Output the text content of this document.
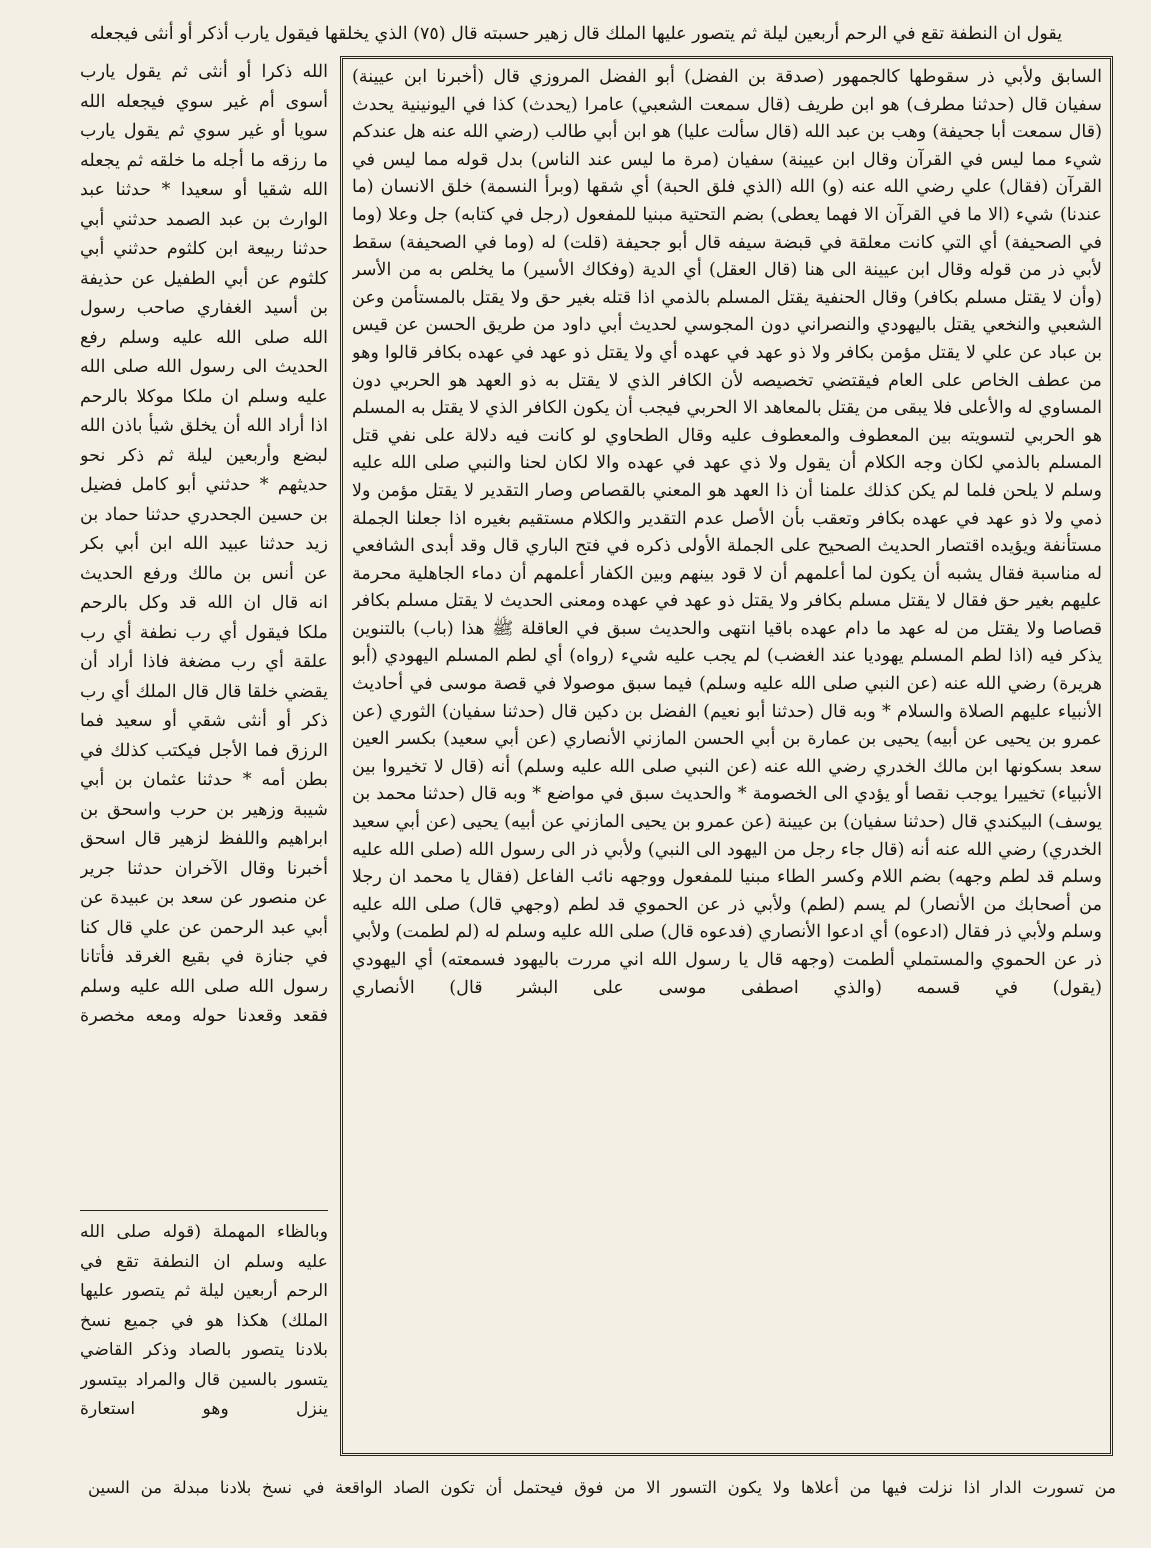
يقول ان النطفة تقع في الرحم أربعين ليلة ثم يتصور عليها الملك قال زهير حسبته قال (٧٥) الذي يخلقها فيقول يارب أذكر أو أنثى فيجعله

السابق ولأبي ذر سقوطها كالجمهور (صدقة بن الفضل) أبو الفضل المروزي قال (أخبرنا ابن عيينة) سفيان قال (حدثنا مطرف) هو ابن طريف (قال سمعت الشعبي) عامرا (يحدث) كذا في اليونينية يحدث (قال سمعت أبا جحيفة) وهب بن عبد الله (قال سألت عليا) هو ابن أبي طالب (رضي الله عنه هل عندكم شيء مما ليس في القرآن وقال ابن عيينة) سفيان (مرة ما ليس عند الناس) بدل قوله مما ليس في القرآن (فقال) علي رضي الله عنه (و) الله (الذي فلق الحبة) أي شقها (وبرأ النسمة) خلق الانسان (ما عندنا) شيء (الا ما في القرآن الا فهما يعطى) بضم التحتية مبنيا للمفعول (رجل في كتابه) جل وعلا (وما في الصحيفة) أي التي كانت معلقة في قبضة سيفه قال أبو جحيفة (قلت) له (وما في الصحيفة) سقط لأبي ذر من قوله وقال ابن عيينة الى هنا (قال العقل) أي الدية (وفكاك الأسير) ما يخلص به من الأسر (وأن لا يقتل مسلم بكافر) وقال الحنفية يقتل المسلم بالذمي اذا قتله بغير حق ولا يقتل بالمستأمن وعن الشعبي والنخعي يقتل باليهودي والنصراني دون المجوسي لحديث أبي داود من طريق الحسن عن قيس بن عباد عن علي لا يقتل مؤمن بكافر ولا ذو عهد في عهده أي ولا يقتل ذو عهد في عهده بكافر قالوا وهو من عطف الخاص على العام فيقتضي تخصيصه لأن الكافر الذي لا يقتل به ذو العهد هو الحربي دون المساوي له والأعلى فلا يبقى من يقتل بالمعاهد الا الحربي فيجب أن يكون الكافر الذي لا يقتل به المسلم هو الحربي لتسويته بين المعطوف والمعطوف عليه وقال الطحاوي لو كانت فيه دلالة على نفي قتل المسلم بالذمي لكان وجه الكلام أن يقول ولا ذي عهد في عهده والا لكان لحنا والنبي صلى الله عليه وسلم لا يلحن فلما لم يكن كذلك علمنا أن ذا العهد هو المعني بالقصاص وصار التقدير لا يقتل مؤمن ولا ذمي ولا ذو عهد في عهده بكافر وتعقب بأن الأصل عدم التقدير والكلام مستقيم بغيره اذا جعلنا الجملة مستأنفة ويؤيده اقتصار الحديث الصحيح على الجملة الأولى ذكره في فتح الباري قال وقد أبدى الشافعي له مناسبة فقال يشبه أن يكون لما أعلمهم أن لا قود بينهم وبين الكفار أعلمهم أن دماء الجاهلية محرمة عليهم بغير حق فقال لا يقتل مسلم بكافر ولا يقتل ذو عهد في عهده ومعنى الحديث لا يقتل مسلم بكافر قصاصا ولا يقتل من له عهد ما دام عهده باقيا انتهى والحديث سبق في العاقلة ﷺ هذا (باب) بالتنوين يذكر فيه (اذا لطم المسلم يهوديا عند الغضب) لم يجب عليه شيء (رواه) أي لطم المسلم اليهودي (أبو هريرة) رضي الله عنه (عن النبي صلى الله عليه وسلم) فيما سبق موصولا في قصة موسى في أحاديث الأنبياء عليهم الصلاة والسلام * وبه قال (حدثنا أبو نعيم) الفضل بن دكين قال (حدثنا سفيان) الثوري (عن عمرو بن يحيى عن أبيه) يحيى بن عمارة بن أبي الحسن المازني الأنصاري (عن أبي سعيد) بكسر العين سعد بسكونها ابن مالك الخدري رضي الله عنه (عن النبي صلى الله عليه وسلم) أنه (قال لا تخيروا بين الأنبياء) تخييرا يوجب نقصا أو يؤدي الى الخصومة * والحديث سبق في مواضع * وبه قال (حدثنا محمد بن يوسف) البيكندي قال (حدثنا سفيان) بن عيينة (عن عمرو بن يحيى المازني عن أبيه) يحيى (عن أبي سعيد الخدري) رضي الله عنه أنه (قال جاء رجل من اليهود الى النبي) ولأبي ذر الى رسول الله (صلى الله عليه وسلم قد لطم وجهه) بضم اللام وكسر الطاء مبنيا للمفعول ووجهه نائب الفاعل (فقال يا محمد ان رجلا من أصحابك من الأنصار) لم يسم (لطم) ولأبي ذر عن الحموي قد لطم (وجهي قال) صلى الله عليه وسلم ولأبي ذر فقال (ادعوه) أي ادعوا الأنصاري (فدعوه قال) صلى الله عليه وسلم له (لم لطمت) ولأبي ذر عن الحموي والمستملي ألطمت (وجهه قال يا رسول الله اني مررت باليهود فسمعته) أي اليهودي (يقول) في قسمه (والذي اصطفى موسى على البشر قال) الأنصاري

الله ذكرا أو أنثى ثم يقول يارب أسوى أم غير سوي فيجعله الله سويا أو غير سوي ثم يقول يارب ما رزقه ما أجله ما خلقه ثم يجعله الله شقيا أو سعيدا * حدثنا عبد الوارث بن عبد الصمد حدثني أبي حدثنا ربيعة ابن كلثوم حدثني أبي كلثوم عن أبي الطفيل عن حذيفة بن أسيد الغفاري صاحب رسول الله صلى الله عليه وسلم رفع الحديث الى رسول الله صلى الله عليه وسلم ان ملكا موكلا بالرحم اذا أراد الله أن يخلق شيأ باذن الله لبضع وأربعين ليلة ثم ذكر نحو حديثهم * حدثني أبو كامل فضيل بن حسين الجحدري حدثنا حماد بن زيد حدثنا عبيد الله ابن أبي بكر عن أنس بن مالك ورفع الحديث انه قال ان الله قد وكل بالرحم ملكا فيقول أي رب نطفة أي رب علقة أي رب مضغة فاذا أراد أن يقضي خلقا قال قال الملك أي رب ذكر أو أنثى شقي أو سعيد فما الرزق فما الأجل فيكتب كذلك في بطن أمه * حدثنا عثمان بن أبي شيبة وزهير بن حرب واسحق بن ابراهيم واللفظ لزهير قال اسحق أخبرنا وقال الآخران حدثنا جرير عن منصور عن سعد بن عبيدة عن أبي عبد الرحمن عن علي قال كنا في جنازة في بقيع الغرقد فأتانا رسول الله صلى الله عليه وسلم فقعد وقعدنا حوله ومعه مخصرة

وبالظاء المهملة (قوله صلى الله عليه وسلم ان النطفة تقع في الرحم أربعين ليلة ثم يتصور عليها الملك) هكذا هو في جميع نسخ بلادنا يتصور بالصاد وذكر القاضي يتسور بالسين قال والمراد بيتسور ينزل وهو استعارة

من تسورت الدار اذا نزلت فيها من أعلاها ولا يكون التسور الا من فوق فيحتمل أن تكون الصاد الواقعة في نسخ بلادنا مبدلة من السين
